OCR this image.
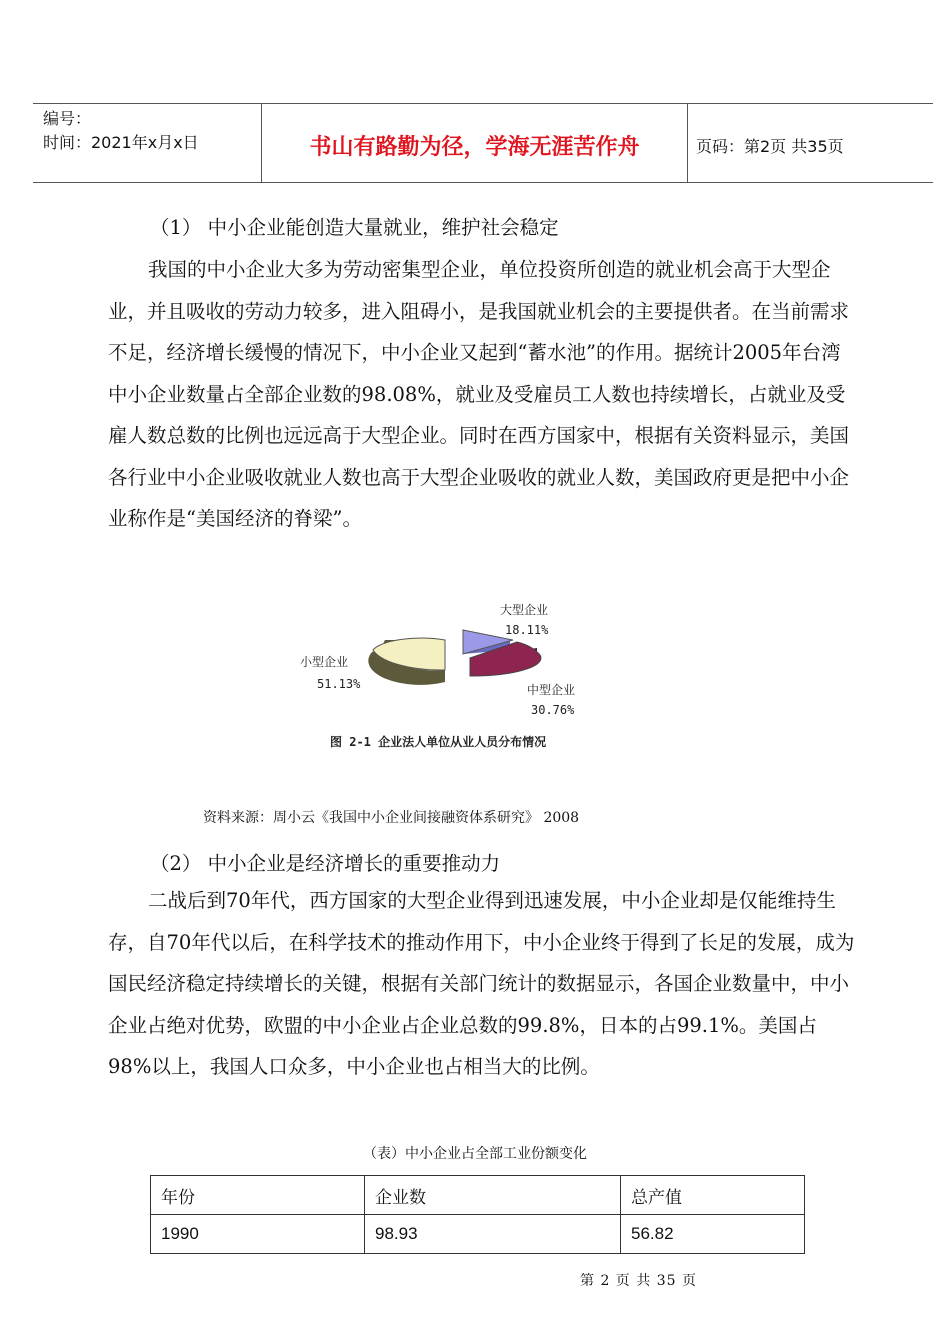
编号：
时间：2021年x月x日	书山有路勤为径，学海无涯苦作舟	页码：第2页 共35页
（1） 中小企业能创造大量就业，维护社会稳定
我国的中小企业大多为劳动密集型企业，单位投资所创造的就业机会高于大型企业，并且吸收的劳动力较多，进入阻碍小，是我国就业机会的主要提供者。在当前需求不足，经济增长缓慢的情况下，中小企业又起到“蓄水池”的作用。据统计2005年台湾中小企业数量占全部企业数的98.08%，就业及受雇员工人数也持续增长，占就业及受雇人数总数的比例也远远高于大型企业。同时在西方国家中，根据有关资料显示，美国各行业中小企业吸收就业人数也高于大型企业吸收的就业人数，美国政府更是把中小企业称作是“美国经济的脊梁”。
小型企业
51.13%
大型企业
18.11%
中型企业
30.76%
图 2-1 企业法人单位从业人员分布情况
资料来源：周小云《我国中小企业间接融资体系研究》 2008
（2） 中小企业是经济增长的重要推动力
二战后到70年代，西方国家的大型企业得到迅速发展，中小企业却是仅能维持生存，自70年代以后，在科学技术的推动作用下，中小企业终于得到了长足的发展，成为国民经济稳定持续增长的关键，根据有关部门统计的数据显示，各国企业数量中，中小企业占绝对优势，欧盟的中小企业占企业总数的99.8%，日本的占99.1%。美国占98%以上，我国人口众多，中小企业也占相当大的比例。
（表）中小企业占全部工业份额变化
年份	企业数	总产值
1990	98.93	56.82
第 2 页 共 35 页
